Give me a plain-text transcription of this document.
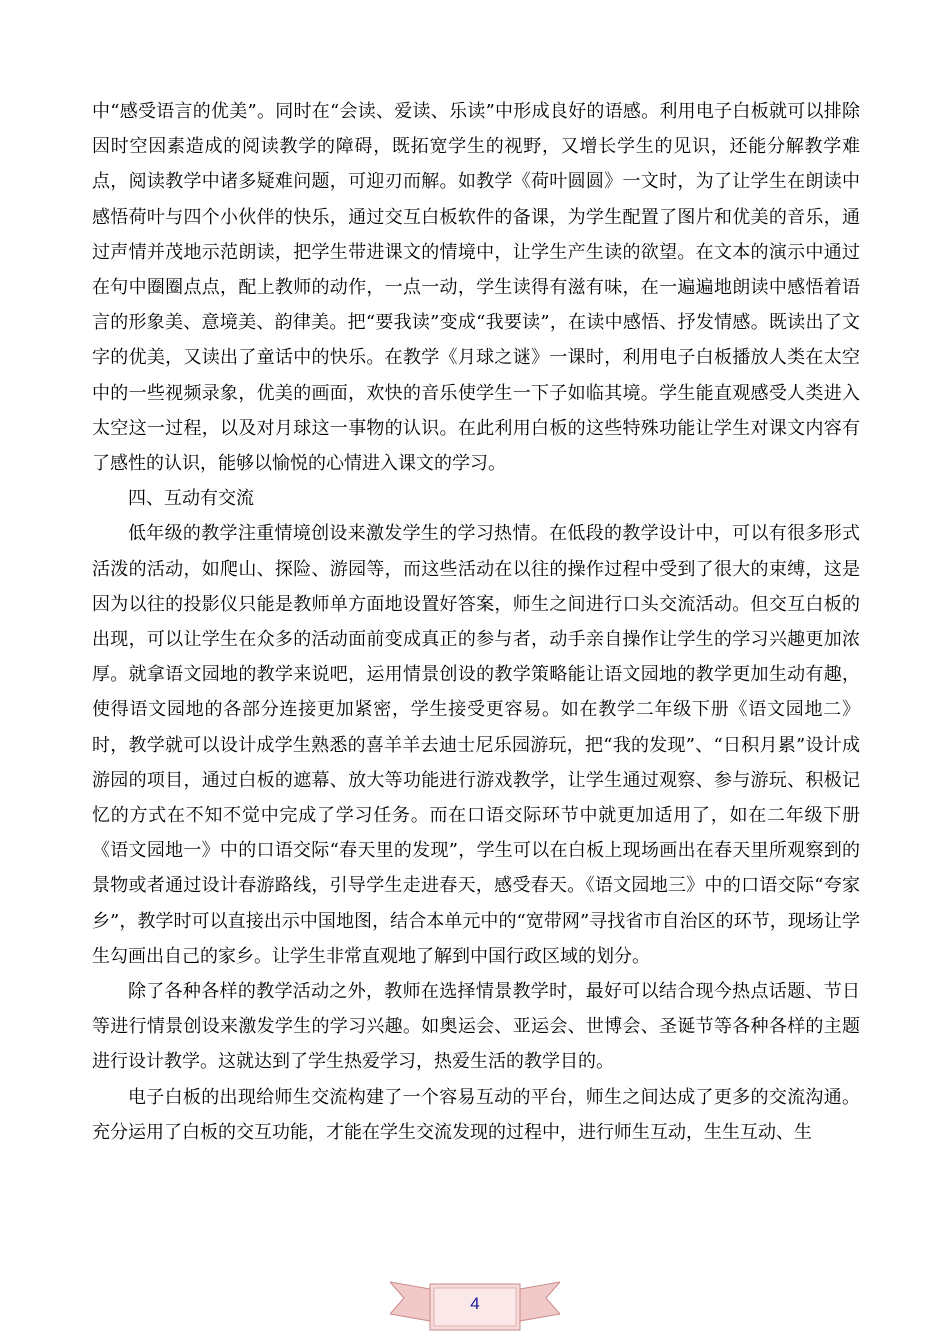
中“感受语言的优美”。同时在“会读、爱读、乐读”中形成良好的语感。利用电子白板就可以排除因时空因素造成的阅读教学的障碍，既拓宽学生的视野，又增长学生的见识，还能分解教学难点，阅读教学中诸多疑难问题，可迎刃而解。如教学《荷叶圆圆》一文时，为了让学生在朗读中感悟荷叶与四个小伙伴的快乐，通过交互白板软件的备课，为学生配置了图片和优美的音乐，通过声情并茂地示范朗读，把学生带进课文的情境中，让学生产生读的欲望。在文本的演示中通过在句中圈圈点点，配上教师的动作，一点一动，学生读得有滋有味，在一遍遍地朗读中感悟着语言的形象美、意境美、韵律美。把“要我读”变成“我要读”，在读中感悟、抒发情感。既读出了文字的优美，又读出了童话中的快乐。在教学《月球之谜》一课时，利用电子白板播放人类在太空中的一些视频录象，优美的画面，欢快的音乐使学生一下子如临其境。学生能直观感受人类进入太空这一过程，以及对月球这一事物的认识。在此利用白板的这些特殊功能让学生对课文内容有了感性的认识，能够以愉悦的心情进入课文的学习。

四、互动有交流

低年级的教学注重情境创设来激发学生的学习热情。在低段的教学设计中，可以有很多形式活泼的活动，如爬山、探险、游园等，而这些活动在以往的操作过程中受到了很大的束缚，这是因为以往的投影仪只能是教师单方面地设置好答案，师生之间进行口头交流活动。但交互白板的出现，可以让学生在众多的活动面前变成真正的参与者，动手亲自操作让学生的学习兴趣更加浓厚。就拿语文园地的教学来说吧，运用情景创设的教学策略能让语文园地的教学更加生动有趣，使得语文园地的各部分连接更加紧密，学生接受更容易。如在教学二年级下册《语文园地二》时，教学就可以设计成学生熟悉的喜羊羊去迪士尼乐园游玩，把“我的发现”、“日积月累”设计成游园的项目，通过白板的遮幕、放大等功能进行游戏教学，让学生通过观察、参与游玩、积极记忆的方式在不知不觉中完成了学习任务。而在口语交际环节中就更加适用了，如在二年级下册《语文园地一》中的口语交际“春天里的发现”，学生可以在白板上现场画出在春天里所观察到的景物或者通过设计春游路线，引导学生走进春天，感受春天。《语文园地三》中的口语交际“夸家乡”，教学时可以直接出示中国地图，结合本单元中的“宽带网”寻找省市自治区的环节，现场让学生勾画出自己的家乡。让学生非常直观地了解到中国行政区域的划分。

除了各种各样的教学活动之外，教师在选择情景教学时，最好可以结合现今热点话题、节日等进行情景创设来激发学生的学习兴趣。如奥运会、亚运会、世博会、圣诞节等各种各样的主题进行设计教学。这就达到了学生热爱学习，热爱生活的教学目的。

电子白板的出现给师生交流构建了一个容易互动的平台，师生之间达成了更多的交流沟通。充分运用了白板的交互功能，才能在学生交流发现的过程中，进行师生互动，生生互动、生

4
